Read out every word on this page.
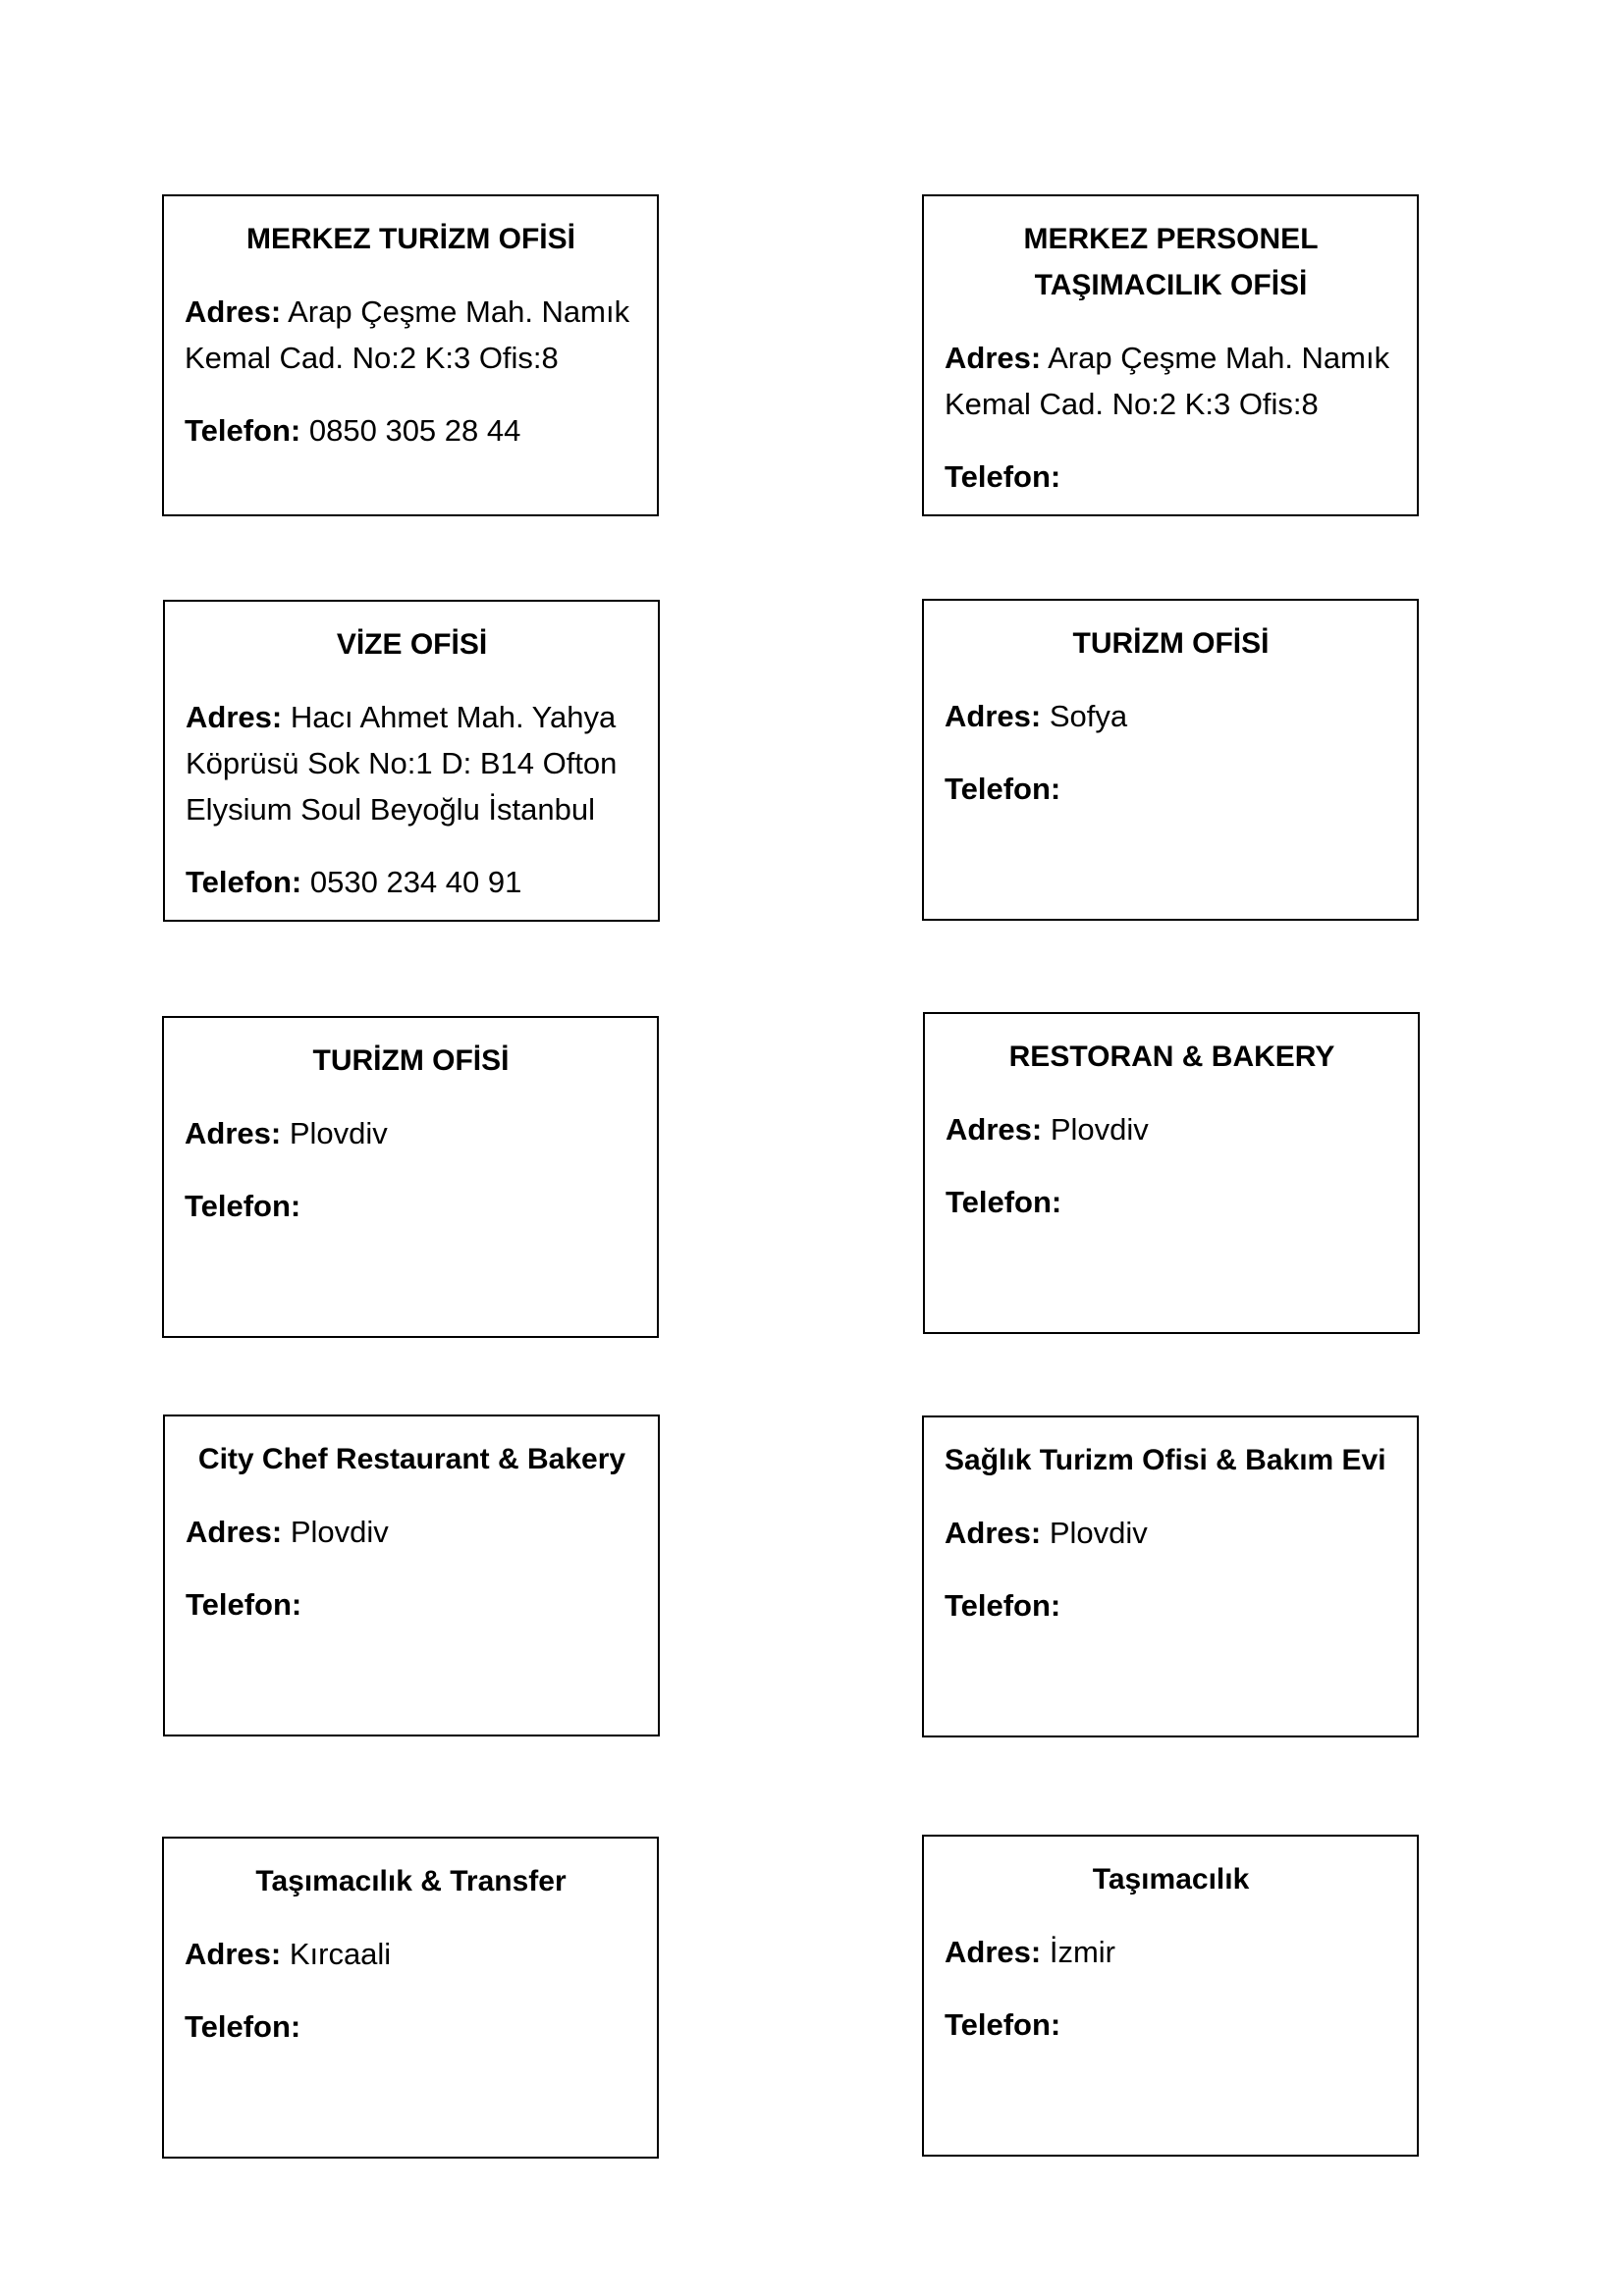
MERKEZ TURİZM OFİSİ
Adres: Arap Çeşme Mah. Namık Kemal Cad. No:2 K:3 Ofis:8
Telefon: 0850 305 28 44
MERKEZ PERSONEL TAŞIMACILIK OFİSİ
Adres: Arap Çeşme Mah. Namık Kemal Cad. No:2 K:3 Ofis:8
Telefon:
VİZE OFİSİ
Adres: Hacı Ahmet Mah. Yahya Köprüsü Sok No:1 D: B14 Ofton Elysium Soul Beyoğlu İstanbul
Telefon: 0530 234 40 91
TURİZM OFİSİ
Adres: Sofya
Telefon:
TURİZM OFİSİ
Adres: Plovdiv
Telefon:
RESTORAN & BAKERY
Adres: Plovdiv
Telefon:
City Chef Restaurant & Bakery
Adres: Plovdiv
Telefon:
Sağlık Turizm Ofisi & Bakım Evi
Adres: Plovdiv
Telefon:
Taşımacılık & Transfer
Adres: Kırcaali
Telefon:
Taşımacılık
Adres: İzmir
Telefon:
